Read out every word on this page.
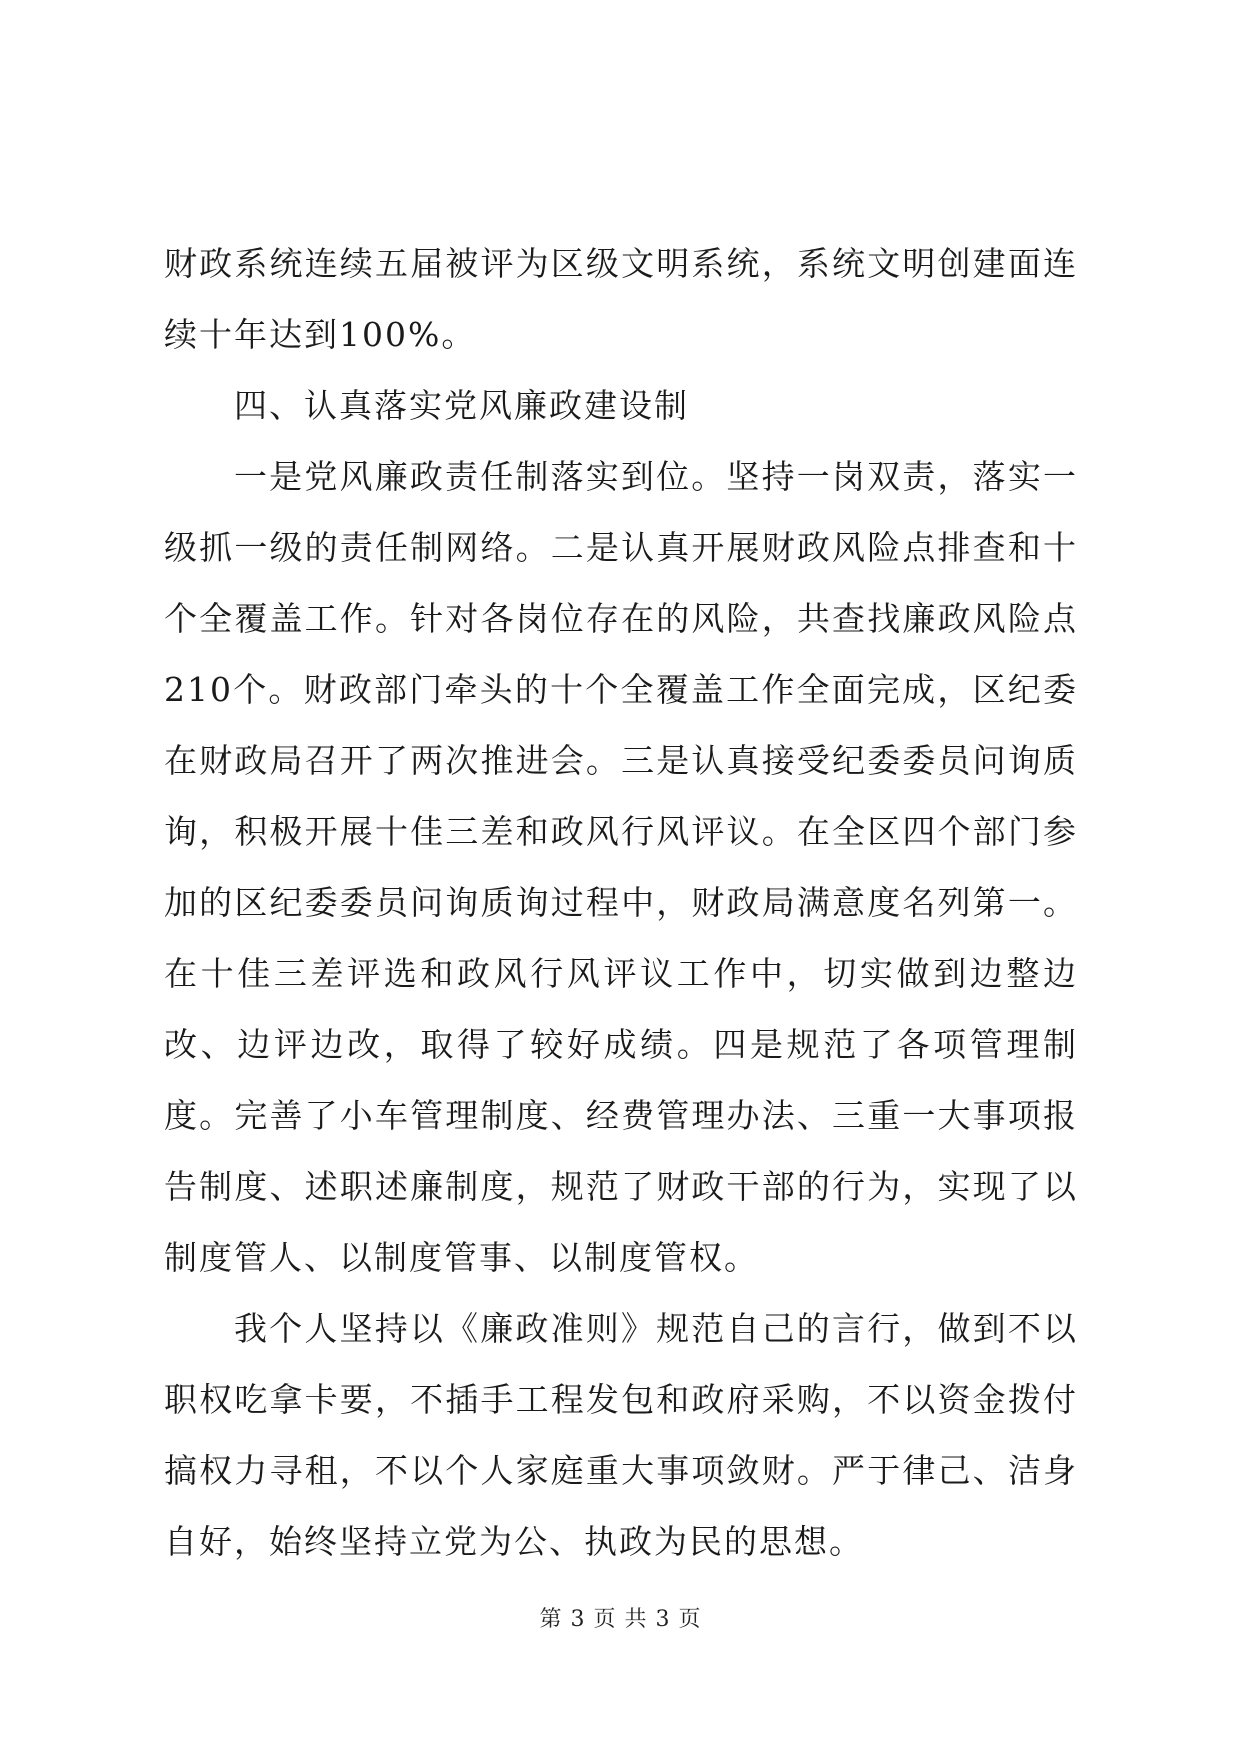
财政系统连续五届被评为区级文明系统，系统文明创建面连续十年达到100%。

四、认真落实党风廉政建设制

一是党风廉政责任制落实到位。坚持一岗双责，落实一级抓一级的责任制网络。二是认真开展财政风险点排查和十个全覆盖工作。针对各岗位存在的风险，共查找廉政风险点210个。财政部门牵头的十个全覆盖工作全面完成，区纪委在财政局召开了两次推进会。三是认真接受纪委委员问询质询，积极开展十佳三差和政风行风评议。在全区四个部门参加的区纪委委员问询质询过程中，财政局满意度名列第一。在十佳三差评选和政风行风评议工作中，切实做到边整边改、边评边改，取得了较好成绩。四是规范了各项管理制度。完善了小车管理制度、经费管理办法、三重一大事项报告制度、述职述廉制度，规范了财政干部的行为，实现了以制度管人、以制度管事、以制度管权。

我个人坚持以《廉政准则》规范自己的言行，做到不以职权吃拿卡要，不插手工程发包和政府采购，不以资金拨付搞权力寻租，不以个人家庭重大事项敛财。严于律己、洁身自好，始终坚持立党为公、执政为民的思想。

第 3 页 共 3 页
